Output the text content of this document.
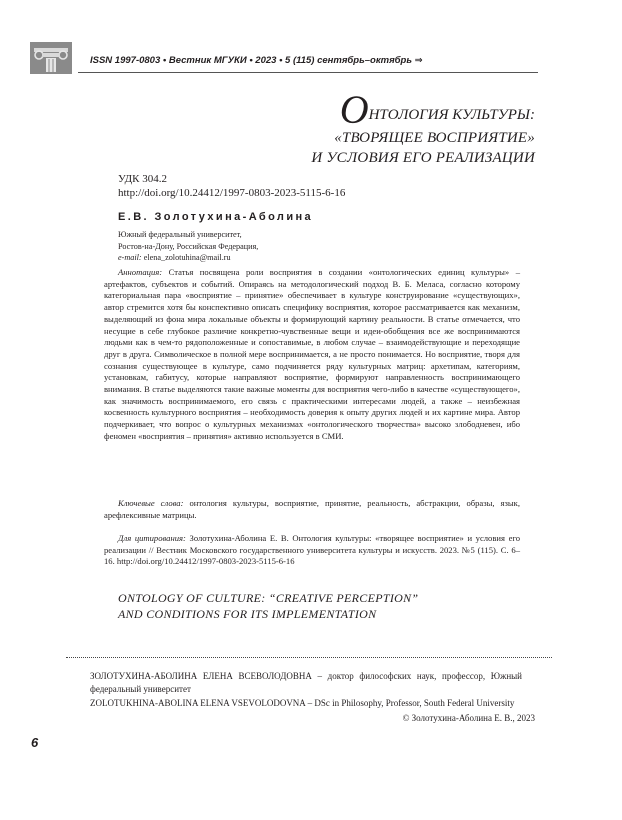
ISSN 1997-0803 • Вестник МГУКИ • 2023 • 5 (115) сентябрь–октябрь ⇒
ОНТОЛОГИЯ КУЛЬТУРЫ:
«ТВОРЯЩЕЕ ВОСПРИЯТИЕ»
И УСЛОВИЯ ЕГО РЕАЛИЗАЦИИ
УДК 304.2
http://doi.org/10.24412/1997-0803-2023-5115-6-16
Е.В. Золотухина-Аболина
Южный федеральный университет,
Ростов-на-Дону, Российская Федерация,
e-mail: elena_zolotuhina@mail.ru
Аннотация: Статья посвящена роли восприятия в создании «онтологических единиц культуры» – артефактов, субъектов и событий. Опираясь на методологический подход В. Б. Меласа, согласно которому категориальная пара «восприятие – принятие» обеспечивает в культуре конструирование «существующих», автор стремится хотя бы конспективно описать специфику восприятия, которое рассматривается как механизм, выделяющий из фона мира локальные объекты и формирующий картину реальности. В статье отмечается, что несущие в себе глубокое различие конкретно-чувственные вещи и идеи-обобщения все же воспринимаются людьми как в чем-то рядоположенные и сопоставимые, в любом случае – взаимодействующие и переходящие друг в друга. Символическое в полной мере воспринимается, а не просто понимается. Но восприятие, творя для сознания существующее в культуре, само подчиняется ряду культурных матриц: архетипам, категориям, установкам, габитусу, которые направляют восприятие, формируют направленность воспринимающего внимания. В статье выделяются такие важные моменты для восприятия чего-либо в качестве «существующего», как значимость воспринимаемого, его связь с практическими интересами людей, а также – неизбежная косвенность культурного восприятия – необходимость доверия к опыту других людей и их картине мира. Автор подчеркивает, что вопрос о культурных механизмах «онтологического творчества» высоко злободневен, ибо феномен «восприятия – принятия» активно используется в СМИ.
Ключевые слова: онтология культуры, восприятие, принятие, реальность, абстракции, образы, язык, арефлексивные матрицы.
Для цитирования: Золотухина-Аболина Е. В. Онтология культуры: «творящее восприятие» и условия его реализации // Вестник Московского государственного университета культуры и искусств. 2023. №5 (115). С. 6–16. http://doi.org/10.24412/1997-0803-2023-5115-6-16
ONTOLOGY OF CULTURE: “CREATIVE PERCEPTION”
AND CONDITIONS FOR ITS IMPLEMENTATION
ЗОЛОТУХИНА-АБОЛИНА ЕЛЕНА ВСЕВОЛОДОВНА – доктор философских наук, профессор, Южный федеральный университет
ZOLOTUKHINA-ABOLINA ELENA VSEVOLODOVNA – DSc in Philosophy, Professor, South Federal University
© Золотухина-Аболина Е. В., 2023
6
